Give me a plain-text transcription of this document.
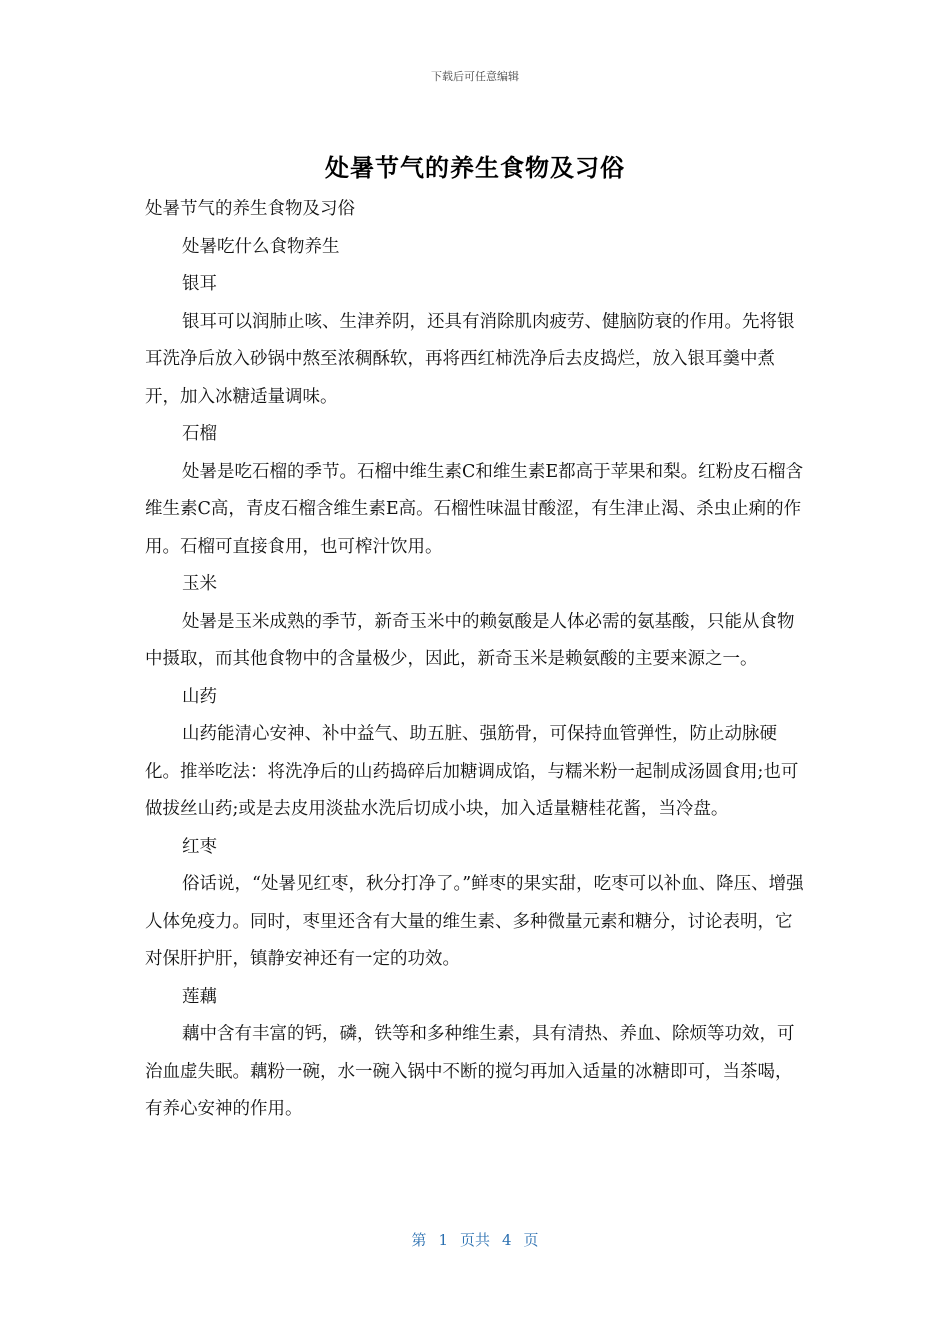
下载后可任意编辑
处暑节气的养生食物及习俗

处暑节气的养生食物及习俗

处暑吃什么食物养生

银耳

银耳可以润肺止咳、生津养阴，还具有消除肌肉疲劳、健脑防衰的作用。先将银耳洗净后放入砂锅中熬至浓稠酥软，再将西红柿洗净后去皮捣烂，放入银耳羹中煮开，加入冰糖适量调味。

石榴

处暑是吃石榴的季节。石榴中维生素C和维生素E都高于苹果和梨。红粉皮石榴含维生素C高，青皮石榴含维生素E高。石榴性味温甘酸涩，有生津止渴、杀虫止痢的作用。石榴可直接食用，也可榨汁饮用。

玉米

处暑是玉米成熟的季节，新奇玉米中的赖氨酸是人体必需的氨基酸，只能从食物中摄取，而其他食物中的含量极少，因此，新奇玉米是赖氨酸的主要来源之一。

山药

山药能清心安神、补中益气、助五脏、强筋骨，可保持血管弹性，防止动脉硬化。推举吃法：将洗净后的山药捣碎后加糖调成馅，与糯米粉一起制成汤圆食用;也可做拔丝山药;或是去皮用淡盐水洗后切成小块，加入适量糖桂花酱，当冷盘。

红枣

俗话说，“处暑见红枣，秋分打净了。”鲜枣的果实甜，吃枣可以补血、降压、增强人体免疫力。同时，枣里还含有大量的维生素、多种微量元素和糖分，讨论表明，它对保肝护肝，镇静安神还有一定的功效。

莲藕

藕中含有丰富的钙，磷，铁等和多种维生素，具有清热、养血、除烦等功效，可治血虚失眠。藕粉一碗，水一碗入锅中不断的搅匀再加入适量的冰糖即可，当茶喝，有养心安神的作用。

第 1 页共 4 页
